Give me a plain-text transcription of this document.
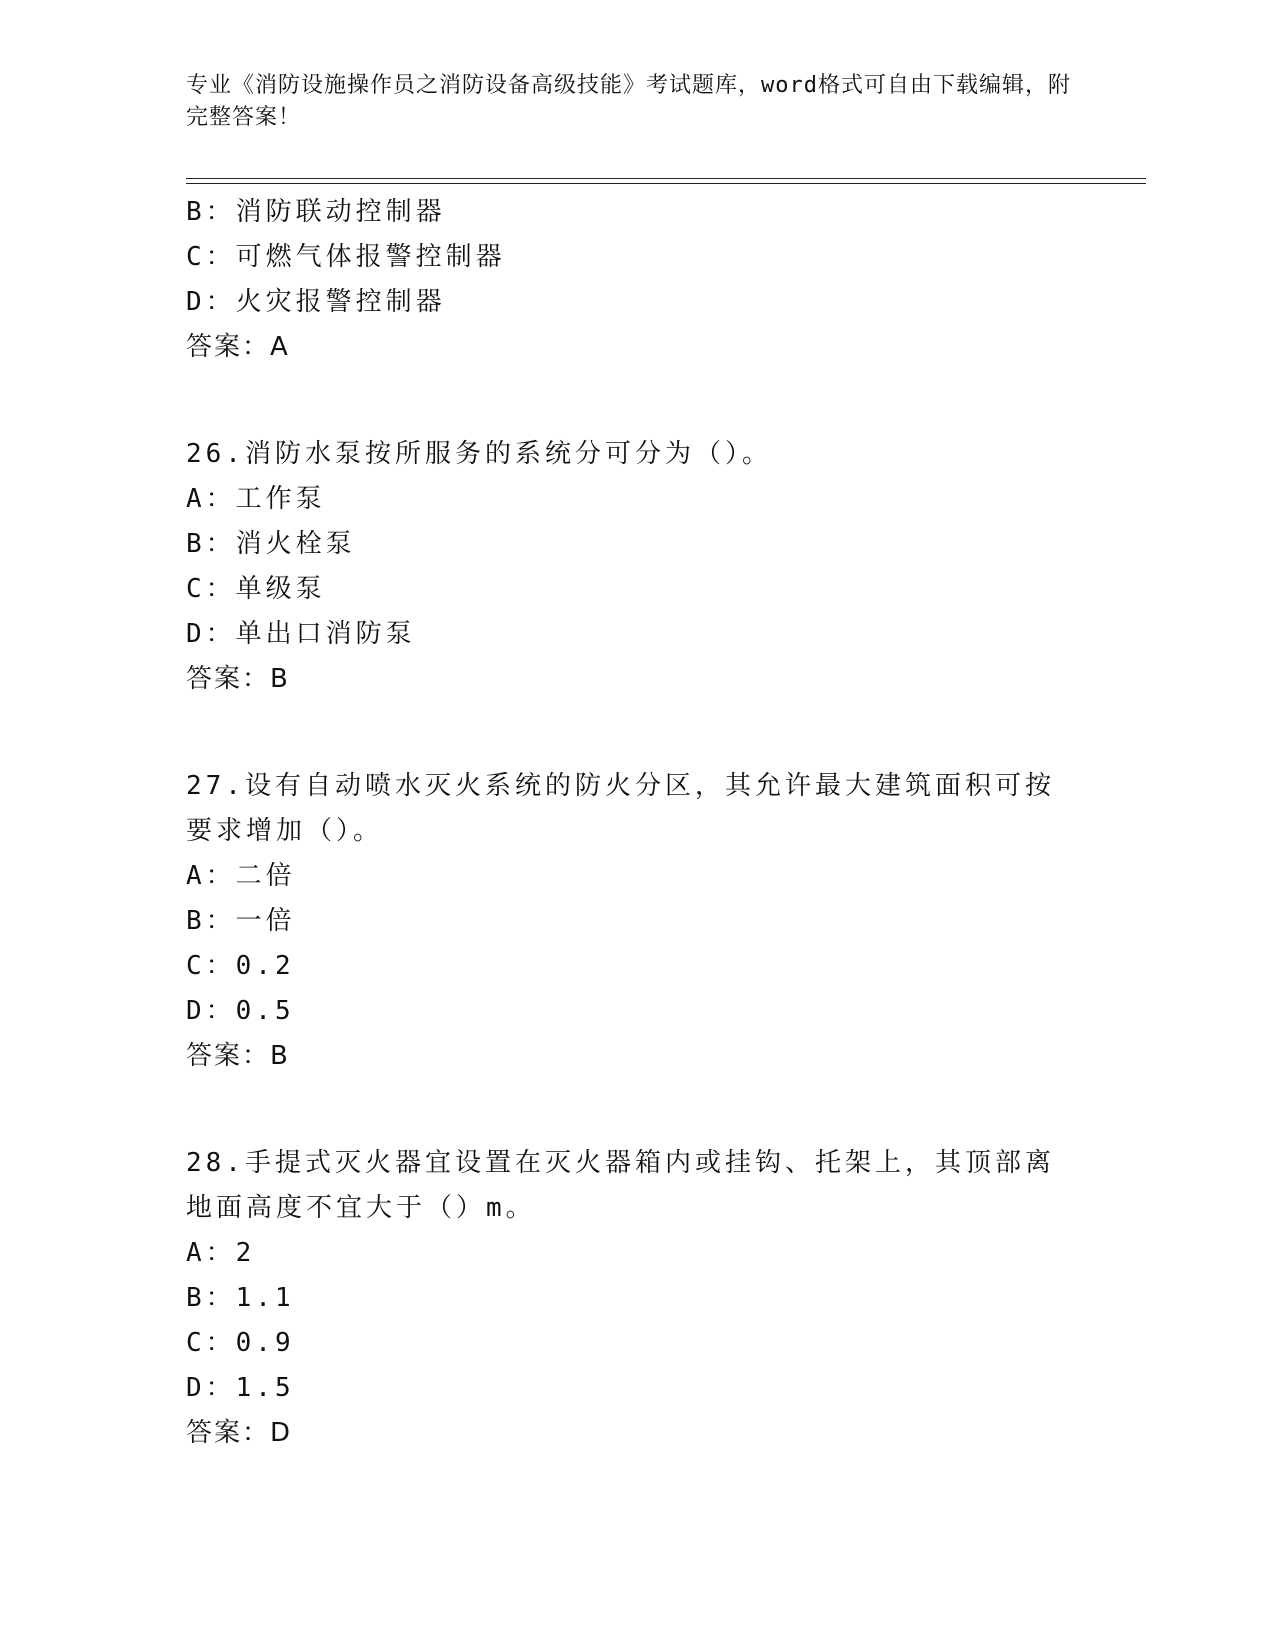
专业《消防设施操作员之消防设备高级技能》考试题库，word格式可自由下载编辑，附完整答案！
B：消防联动控制器
C：可燃气体报警控制器
D：火灾报警控制器
答案：A
26.消防水泵按所服务的系统分可分为（）。
A：工作泵
B：消火栓泵
C：单级泵
D：单出口消防泵
答案：B
27.设有自动喷水灭火系统的防火分区，其允许最大建筑面积可按要求增加（）。
A：二倍
B：一倍
C：0.2
D：0.5
答案：B
28.手提式灭火器宜设置在灭火器箱内或挂钩、托架上，其顶部离地面高度不宜大于（）m。
A：2
B：1.1
C：0.9
D：1.5
答案：D
